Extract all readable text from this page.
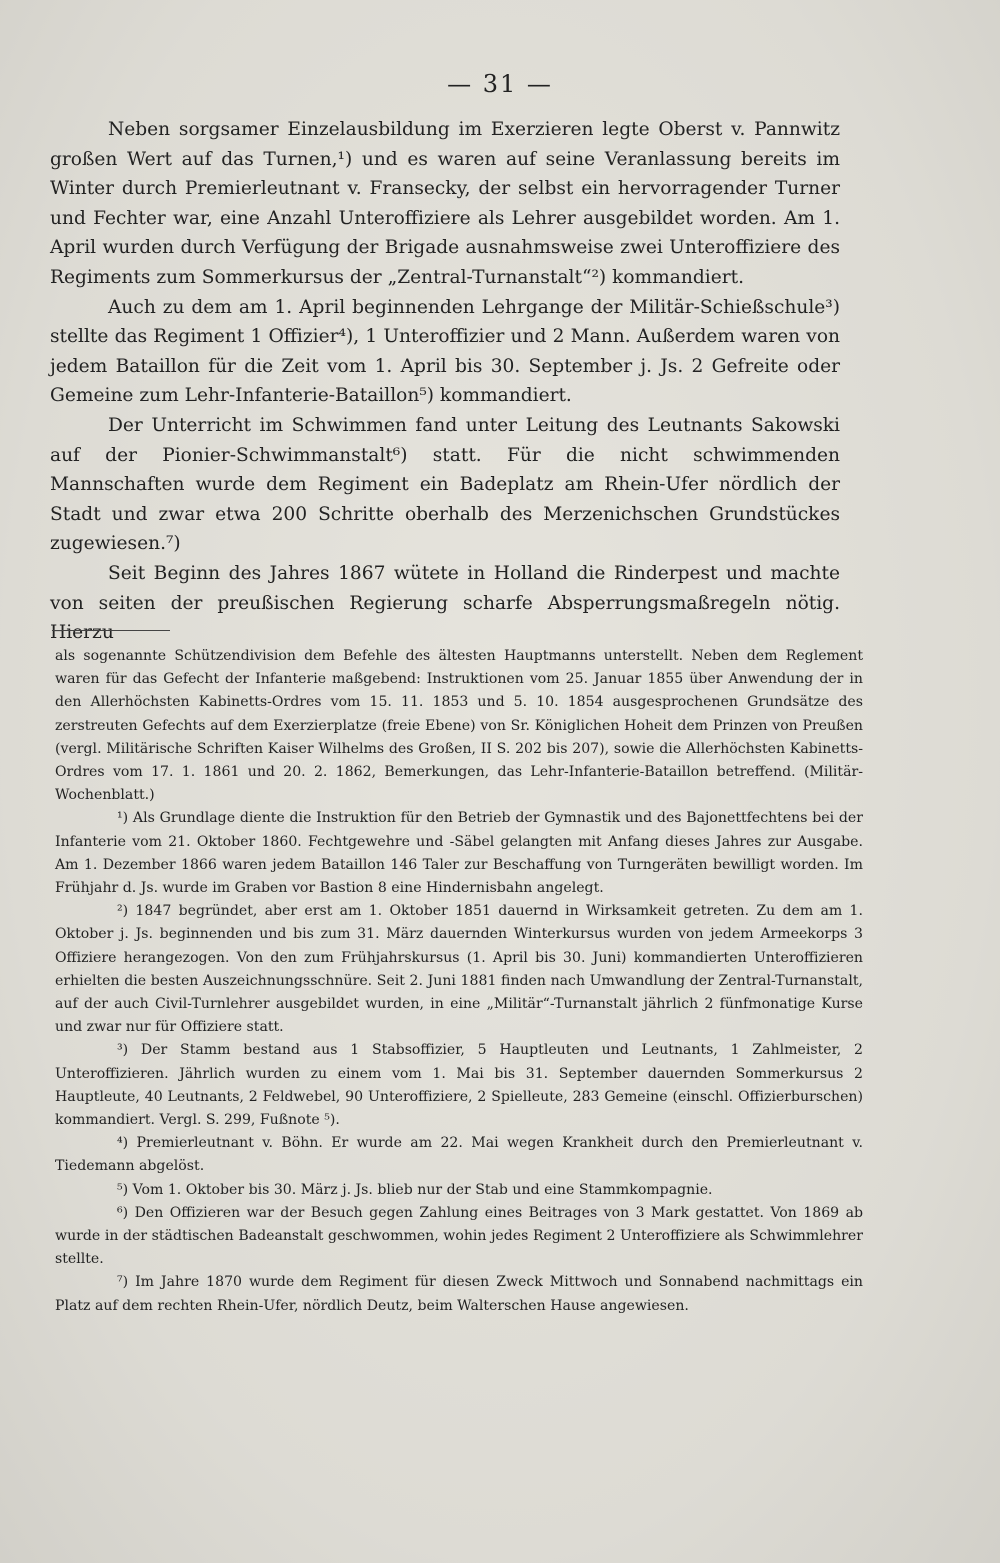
— 31 —

Neben sorgsamer Einzelausbildung im Exerzieren legte Oberst v. Pannwitz großen Wert auf das Turnen,¹) und es waren auf seine Veranlassung bereits im Winter durch Premierleutnant v. Fransecky, der selbst ein hervorragender Turner und Fechter war, eine Anzahl Unteroffiziere als Lehrer ausgebildet worden. Am 1. April wurden durch Verfügung der Brigade ausnahmsweise zwei Unteroffiziere des Regiments zum Sommerkursus der „Zentral-Turnanstalt“²) kommandiert.

Auch zu dem am 1. April beginnenden Lehrgange der Militär-Schießschule³) stellte das Regiment 1 Offizier⁴), 1 Unteroffizier und 2 Mann. Außerdem waren von jedem Bataillon für die Zeit vom 1. April bis 30. September j. Js. 2 Gefreite oder Gemeine zum Lehr-Infanterie-Bataillon⁵) kommandiert.

Der Unterricht im Schwimmen fand unter Leitung des Leutnants Sakowski auf der Pionier-Schwimmanstalt⁶) statt. Für die nicht schwimmenden Mannschaften wurde dem Regiment ein Badeplatz am Rhein-Ufer nördlich der Stadt und zwar etwa 200 Schritte oberhalb des Merzenichschen Grundstückes zugewiesen.⁷)

Seit Beginn des Jahres 1867 wütete in Holland die Rinderpest und machte von seiten der preußischen Regierung scharfe Absperrungsmaßregeln nötig. Hierzu

als sogenannte Schützendivision dem Befehle des ältesten Hauptmanns unterstellt. Neben dem Reglement waren für das Gefecht der Infanterie maßgebend: Instruktionen vom 25. Januar 1855 über Anwendung der in den Allerhöchsten Kabinetts-Ordres vom 15. 11. 1853 und 5. 10. 1854 ausgesprochenen Grundsätze des zerstreuten Gefechts auf dem Exerzierplatze (freie Ebene) von Sr. Königlichen Hoheit dem Prinzen von Preußen (vergl. Militärische Schriften Kaiser Wilhelms des Großen, II S. 202 bis 207), sowie die Allerhöchsten Kabinetts-Ordres vom 17. 1. 1861 und 20. 2. 1862, Bemerkungen, das Lehr-Infanterie-Bataillon betreffend. (Militär-Wochenblatt.)

¹) Als Grundlage diente die Instruktion für den Betrieb der Gymnastik und des Bajonettfechtens bei der Infanterie vom 21. Oktober 1860. Fechtgewehre und -Säbel gelangten mit Anfang dieses Jahres zur Ausgabe. Am 1. Dezember 1866 waren jedem Bataillon 146 Taler zur Beschaffung von Turngeräten bewilligt worden. Im Frühjahr d. Js. wurde im Graben vor Bastion 8 eine Hindernisbahn angelegt.

²) 1847 begründet, aber erst am 1. Oktober 1851 dauernd in Wirksamkeit getreten. Zu dem am 1. Oktober j. Js. beginnenden und bis zum 31. März dauernden Winterkursus wurden von jedem Armeekorps 3 Offiziere herangezogen. Von den zum Frühjahrskursus (1. April bis 30. Juni) kommandierten Unteroffizieren erhielten die besten Auszeichnungsschnüre. Seit 2. Juni 1881 finden nach Umwandlung der Zentral-Turnanstalt, auf der auch Civil-Turnlehrer ausgebildet wurden, in eine „Militär“-Turnanstalt jährlich 2 fünfmonatige Kurse und zwar nur für Offiziere statt.

³) Der Stamm bestand aus 1 Stabsoffizier, 5 Hauptleuten und Leutnants, 1 Zahlmeister, 2 Unteroffizieren. Jährlich wurden zu einem vom 1. Mai bis 31. September dauernden Sommerkursus 2 Hauptleute, 40 Leutnants, 2 Feldwebel, 90 Unteroffiziere, 2 Spielleute, 283 Gemeine (einschl. Offizierburschen) kommandiert. Vergl. S. 299, Fußnote ⁵).

⁴) Premierleutnant v. Böhn. Er wurde am 22. Mai wegen Krankheit durch den Premierleutnant v. Tiedemann abgelöst.

⁵) Vom 1. Oktober bis 30. März j. Js. blieb nur der Stab und eine Stammkompagnie.

⁶) Den Offizieren war der Besuch gegen Zahlung eines Beitrages von 3 Mark gestattet. Von 1869 ab wurde in der städtischen Badeanstalt geschwommen, wohin jedes Regiment 2 Unteroffiziere als Schwimmlehrer stellte.

⁷) Im Jahre 1870 wurde dem Regiment für diesen Zweck Mittwoch und Sonnabend nachmittags ein Platz auf dem rechten Rhein-Ufer, nördlich Deutz, beim Walterschen Hause angewiesen.
